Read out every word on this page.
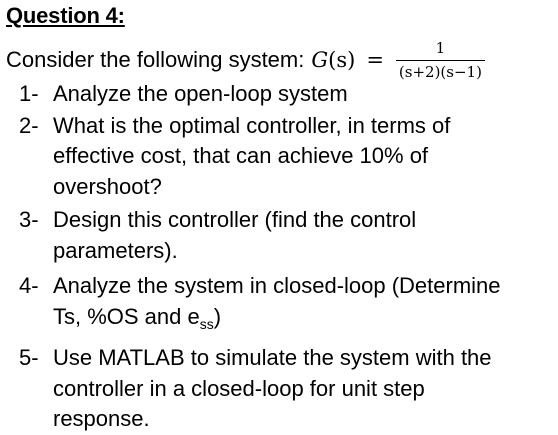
Question 4:
Consider the following system: $G(s) = \frac{1}{(s+2)(s-1)}$
1- Analyze the open-loop system
2- What is the optimal controller, in terms of
effective cost, that can achieve 10% of
overshoot?
3- Design this controller (find the control
parameters).
4- Analyze the system in closed-loop (Determine
Ts, %OS and $e_{ss}$)
5- Use MATLAB to simulate the system with the
controller in a closed-loop for unit step
response.
